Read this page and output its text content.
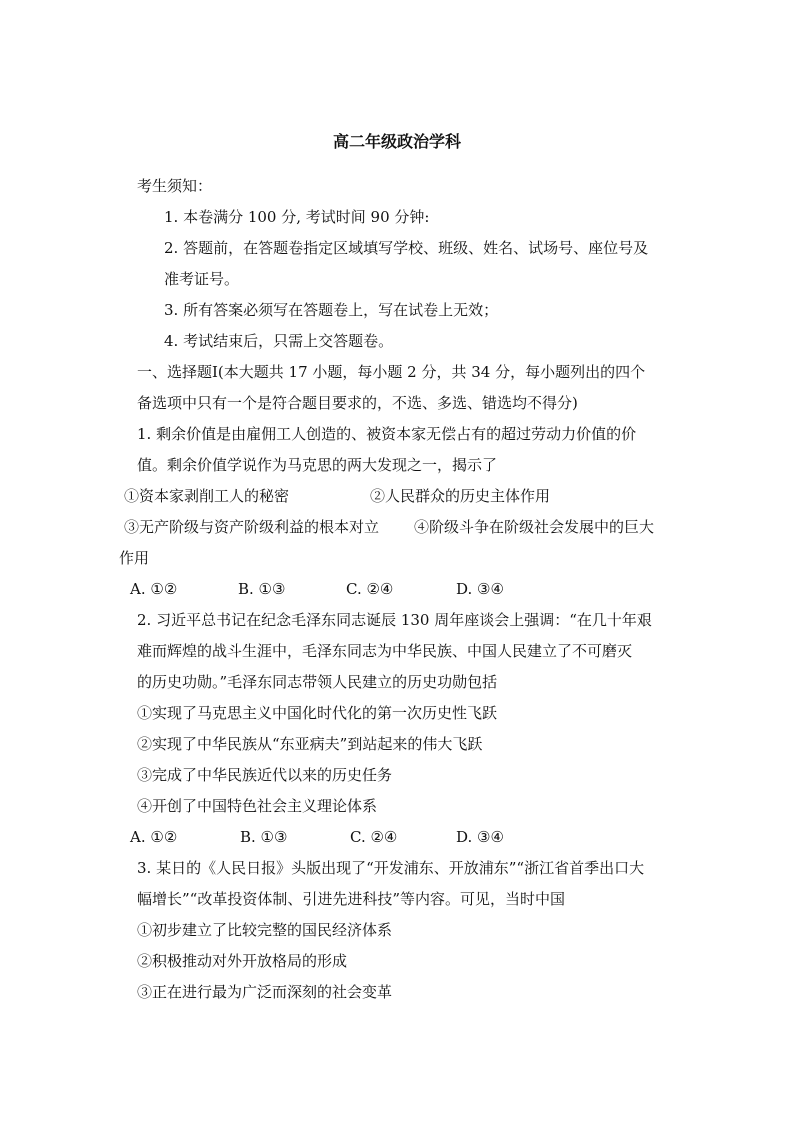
高二年级政治学科
考生须知：
1. 本卷满分 100 分, 考试时间 90 分钟:
2. 答题前，在答题卷指定区域填写学校、班级、姓名、试场号、座位号及
准考证号。
3. 所有答案必须写在答题卷上，写在试卷上无效；
4. 考试结束后，只需上交答题卷。
一、选择题Ⅰ(本大题共 17 小题，每小题 2 分，共 34 分，每小题列出的四个
备选项中只有一个是符合题目要求的，不选、多选、错选均不得分)
1. 剩余价值是由雇佣工人创造的、被资本家无偿占有的超过劳动力价值的价
值。剩余价值学说作为马克思的两大发现之一，揭示了
①资本家剥削工人的秘密	②人民群众的历史主体作用
③无产阶级与资产阶级利益的根本对立 ④阶级斗争在阶级社会发展中的巨大
作用
A. ①②	B. ①③	C. ②④	D. ③④
2. 习近平总书记在纪念毛泽东同志诞辰 130 周年座谈会上强调：“在几十年艰
难而辉煌的战斗生涯中，毛泽东同志为中华民族、中国人民建立了不可磨灭
的历史功勋。”毛泽东同志带领人民建立的历史功勋包括
①实现了马克思主义中国化时代化的第一次历史性飞跃
②实现了中华民族从“东亚病夫”到站起来的伟大飞跃
③完成了中华民族近代以来的历史任务
④开创了中国特色社会主义理论体系
A. ①②	B. ①③	C. ②④	D. ③④
3. 某日的《人民日报》头版出现了“开发浦东、开放浦东”“浙江省首季出口大
幅增长”“改革投资体制、引进先进科技”等内容。可见，当时中国
①初步建立了比较完整的国民经济体系
②积极推动对外开放格局的形成
③正在进行最为广泛而深刻的社会变革
